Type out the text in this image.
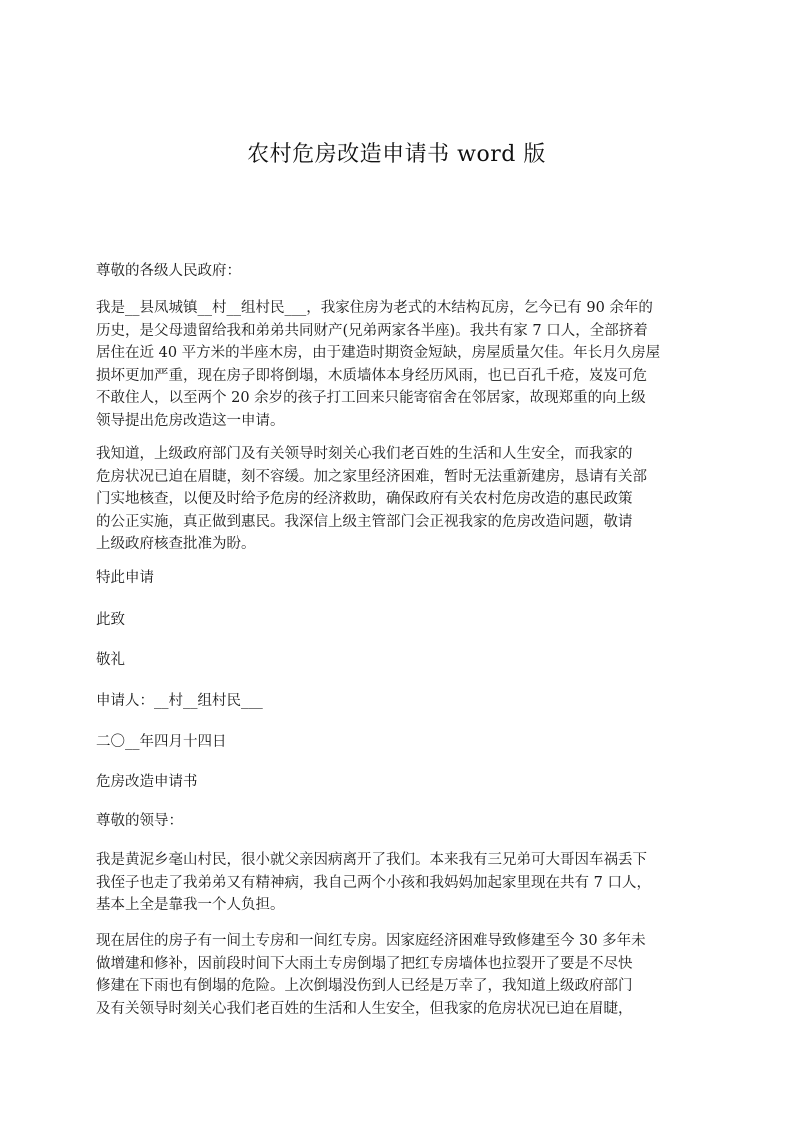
农村危房改造申请书 word 版

尊敬的各级人民政府：

我是__县凤城镇__村__组村民___，我家住房为老式的木结构瓦房，乞今已有 90 余年的
历史，是父母遗留给我和弟弟共同财产(兄弟两家各半座)。我共有家 7 口人，全部挤着
居住在近 40 平方米的半座木房，由于建造时期资金短缺，房屋质量欠佳。年长月久房屋
损坏更加严重，现在房子即将倒塌，木质墙体本身经历风雨，也已百孔千疮，岌岌可危
不敢住人，以至两个 20 余岁的孩子打工回来只能寄宿舍在邻居家，故现郑重的向上级
领导提出危房改造这一申请。
我知道，上级政府部门及有关领导时刻关心我们老百姓的生活和人生安全，而我家的
危房状况已迫在眉睫，刻不容缓。加之家里经济困难，暂时无法重新建房，恳请有关部
门实地核查，以便及时给予危房的经济救助，确保政府有关农村危房改造的惠民政策
的公正实施，真正做到惠民。我深信上级主管部门会正视我家的危房改造问题，敬请
上级政府核查批准为盼。

特此申请

此致

敬礼

申请人：__村__组村民___

二〇__年四月十四日

危房改造申请书

尊敬的领导：

我是黄泥乡毫山村民，很小就父亲因病离开了我们。本来我有三兄弟可大哥因车祸丢下
我侄子也走了我弟弟又有精神病，我自己两个小孩和我妈妈加起家里现在共有 7 口人，
基本上全是靠我一个人负担。
现在居住的房子有一间土专房和一间红专房。因家庭经济困难导致修建至今 30 多年未
做增建和修补，因前段时间下大雨土专房倒塌了把红专房墙体也拉裂开了要是不尽快
修建在下雨也有倒塌的危险。上次倒塌没伤到人已经是万幸了，我知道上级政府部门
及有关领导时刻关心我们老百姓的生活和人生安全，但我家的危房状况已迫在眉睫，
